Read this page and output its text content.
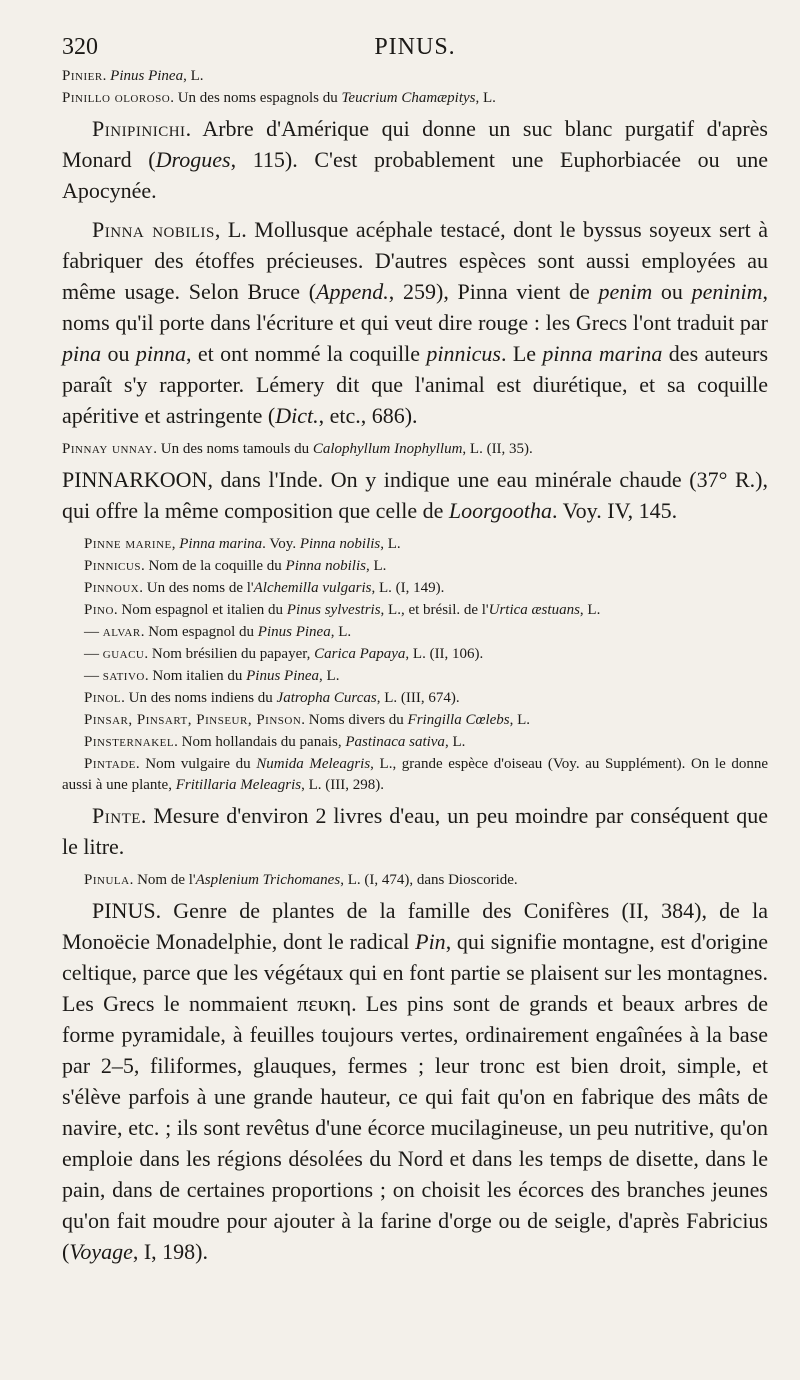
320	PINUS.

Pinier. Pinus Pinea, L.

Pinillo oloroso. Un des noms espagnols du Teucrium Chamæpitys, L.

Pinipinichi. Arbre d'Amérique qui donne un suc blanc purgatif d'après Monard (Drogues, 115). C'est probablement une Euphorbiacée ou une Apocynée.

Pinna nobilis, L. Mollusque acéphale testacé, dont le byssus soyeux sert à fabriquer des étoffes précieuses. D'autres espèces sont aussi employées au même usage. Selon Bruce (Append., 259), Pinna vient de penim ou peninim, noms qu'il porte dans l'écriture et qui veut dire rouge : les Grecs l'ont traduit par pina ou pinna, et ont nommé la coquille pinnicus. Le pinna marina des auteurs paraît s'y rapporter. Lémery dit que l'animal est diurétique, et sa coquille apéritive et astringente (Dict., etc., 686).

Pinnay unnay. Un des noms tamouls du Calophyllum Inophyllum, L. (II, 35).

PINNARKOON, dans l'Inde. On y indique une eau minérale chaude (37° R.), qui offre la même composition que celle de Loorgootha. Voy. IV, 145.

Pinne marine, Pinna marina. Voy. Pinna nobilis, L.

Pinnicus. Nom de la coquille du Pinna nobilis, L.

Pinnoux. Un des noms de l'Alchemilla vulgaris, L. (I, 149).

Pino. Nom espagnol et italien du Pinus sylvestris, L., et brésil. de l'Urtica æstuans, L.

— alvar. Nom espagnol du Pinus Pinea, L.

— guacu. Nom brésilien du papayer, Carica Papaya, L. (II, 106).

— sativo. Nom italien du Pinus Pinea, L.

Pinol. Un des noms indiens du Jatropha Curcas, L. (III, 674).

Pinsar, Pinsart, Pinseur, Pinson. Noms divers du Fringilla Cœlebs, L.

Pinsternakel. Nom hollandais du panais, Pastinaca sativa, L.

Pintade. Nom vulgaire du Numida Meleagris, L., grande espèce d'oiseau (Voy. au Supplément). On le donne aussi à une plante, Fritillaria Meleagris, L. (III, 298).

Pinte. Mesure d'environ 2 livres d'eau, un peu moindre par conséquent que le litre.

Pinula. Nom de l'Asplenium Trichomanes, L. (I, 474), dans Dioscoride.

PINUS. Genre de plantes de la famille des Conifères (II, 384), de la Monoëcie Monadelphie, dont le radical Pin, qui signifie montagne, est d'origine celtique, parce que les végétaux qui en font partie se plaisent sur les montagnes. Les Grecs le nommaient πευκη. Les pins sont de grands et beaux arbres de forme pyramidale, à feuilles toujours vertes, ordinairement engaînées à la base par 2–5, filiformes, glauques, fermes ; leur tronc est bien droit, simple, et s'élève parfois à une grande hauteur, ce qui fait qu'on en fabrique des mâts de navire, etc. ; ils sont revêtus d'une écorce mucilagineuse, un peu nutritive, qu'on emploie dans les régions désolées du Nord et dans les temps de disette, dans le pain, dans de certaines proportions ; on choisit les écorces des branches jeunes qu'on fait moudre pour ajouter à la farine d'orge ou de seigle, d'après Fabricius (Voyage, I, 198).
